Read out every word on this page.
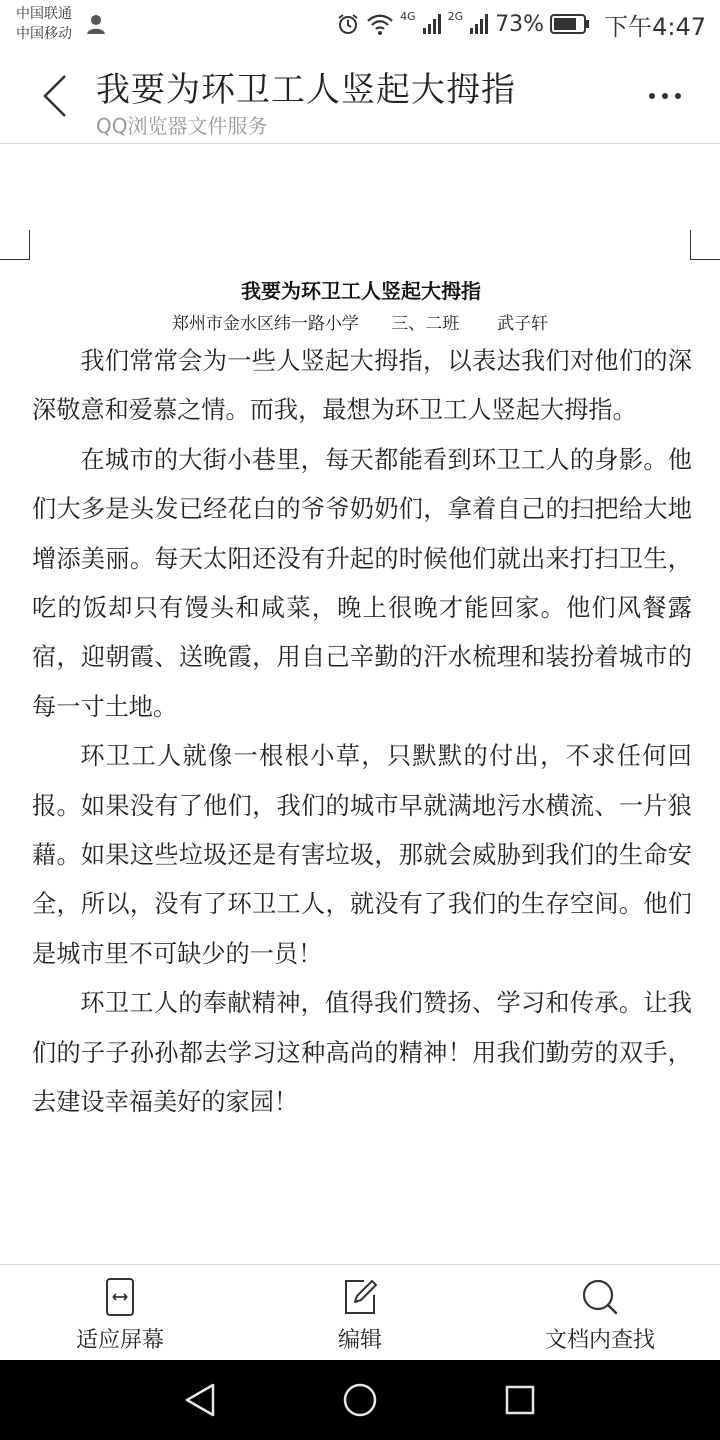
中国联通
中国移动
4G	2G 73%	下午4:47
我要为环卫工人竖起大拇指
QQ浏览器文件服务
我要为环卫工人竖起大拇指
郑州市金水区纬一路小学      三、二班       武子轩

我们常常会为一些人竖起大拇指，以表达我们对他们的深深敬意和爱慕之情。而我，最想为环卫工人竖起大拇指。

在城市的大街小巷里，每天都能看到环卫工人的身影。他们大多是头发已经花白的爷爷奶奶们，拿着自己的扫把给大地增添美丽。每天太阳还没有升起的时候他们就出来打扫卫生，吃的饭却只有馒头和咸菜，晚上很晚才能回家。他们风餐露宿，迎朝霞、送晚霞，用自己辛勤的汗水梳理和装扮着城市的每一寸土地。

环卫工人就像一根根小草，只默默的付出，不求任何回报。如果没有了他们，我们的城市早就满地污水横流、一片狼藉。如果这些垃圾还是有害垃圾，那就会威胁到我们的生命安全，所以，没有了环卫工人，就没有了我们的生存空间。他们是城市里不可缺少的一员！

环卫工人的奉献精神，值得我们赞扬、学习和传承。让我们的子子孙孙都去学习这种高尚的精神！用我们勤劳的双手，去建设幸福美好的家园！

适应屏幕	编辑	文档内查找
